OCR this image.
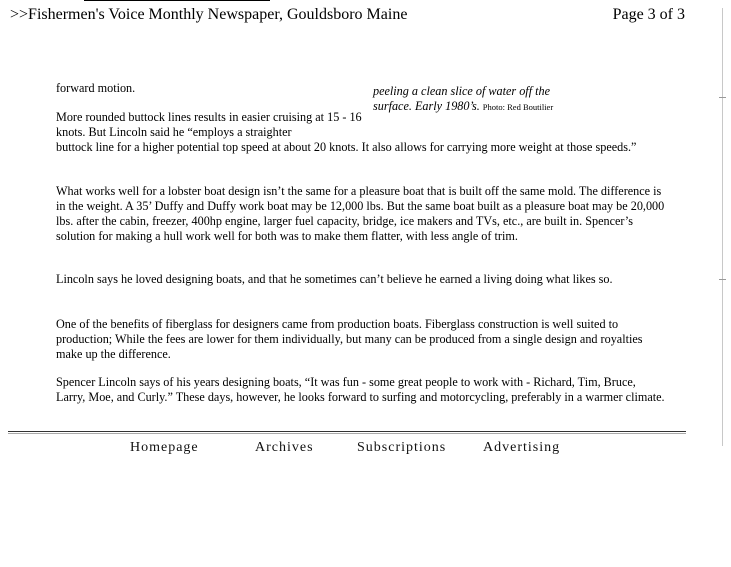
>>Fishermen's Voice Monthly Newspaper, Gouldsboro Maine	Page 3 of 3
forward motion.	peeling a clean slice of water off the surface. Early 1980’s. Photo: Red Boutilier
More rounded buttock lines results in easier cruising at 15 - 16 knots. But Lincoln said he “employs a straighter
buttock line for a higher potential top speed at about 20 knots. It also allows for carrying more weight at those speeds.”
What works well for a lobster boat design isn’t the same for a pleasure boat that is built off the same mold. The difference is in the weight. A 35’ Duffy and Duffy work boat may be 12,000 lbs. But the same boat built as a pleasure boat may be 20,000 lbs. after the cabin, freezer, 400hp engine, larger fuel capacity, bridge, ice makers and TVs, etc., are built in. Spencer’s solution for making a hull work well for both was to make them flatter, with less angle of trim.
Lincoln says he loved designing boats, and that he sometimes can’t believe he earned a living doing what likes so.
One of the benefits of fiberglass for designers came from production boats. Fiberglass construction is well suited to production; While the fees are lower for them individually, but many can be produced from a single design and royalties make up the difference.
Spencer Lincoln says of his years designing boats, “It was fun - some great people to work with - Richard, Tim, Bruce, Larry, Moe, and Curly.” These days, however, he looks forward to surfing and motorcycling, preferably in a warmer climate.
Homepage	Archives	Subscriptions	Advertising
